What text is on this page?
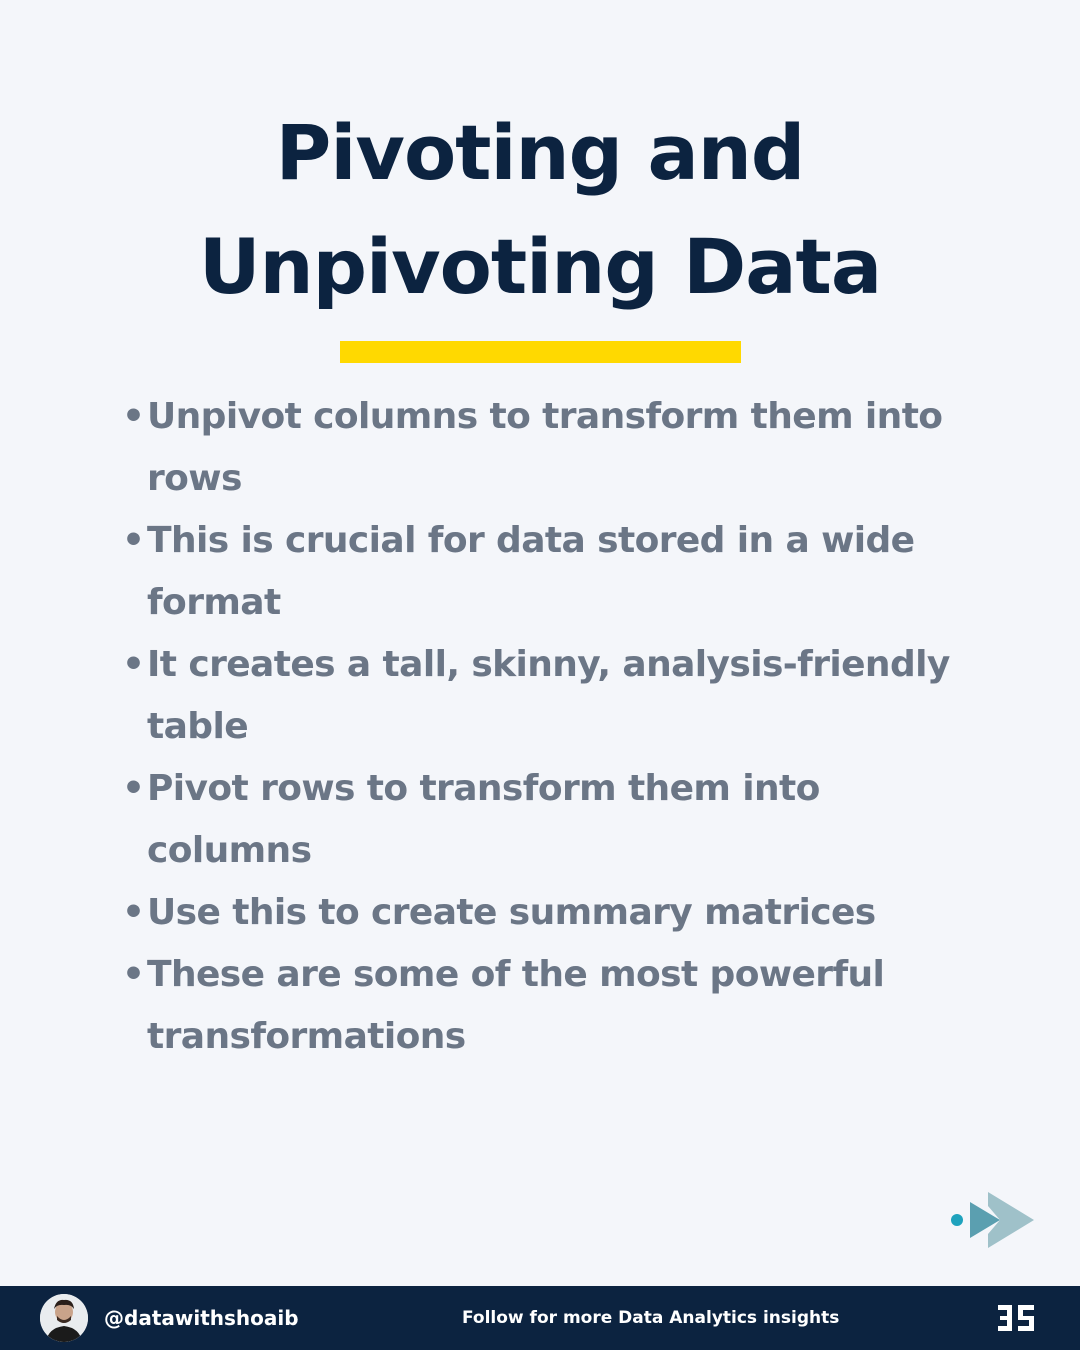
Pivoting and
Unpivoting Data
• Unpivot columns to transform them into rows
• This is crucial for data stored in a wide format
• It creates a tall, skinny, analysis-friendly table
• Pivot rows to transform them into columns
• Use this to create summary matrices
• These are some of the most powerful transformations
@datawithshoaib	Follow for more Data Analytics insights
